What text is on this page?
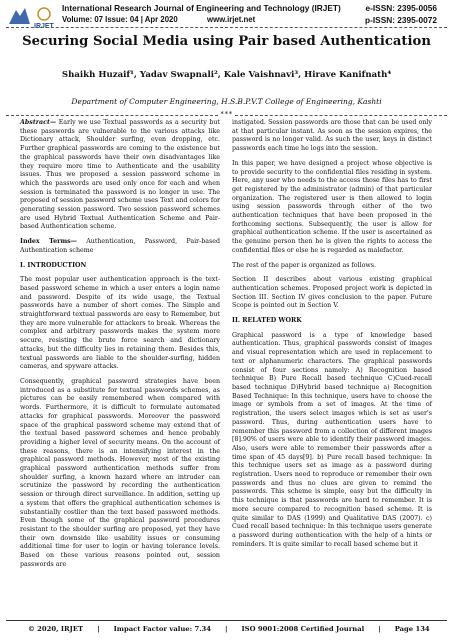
IRJET
International Research Journal of Engineering and Technology (IRJET)	e-ISSN: 2395-0056
Volume: 07 Issue: 04 | Apr 2020	www.irjet.net	p-ISSN: 2395-0072
Securing Social Media using Pair based Authentication
Shaikh Huzaif¹, Yadav Swapnali², Kale Vaishnavi³, Hirave Kanifnath⁴
Department of Computer Engineering, H.S.B.P.V.T College of Engineering, Kashti
***

Abstract— Early we use Textual passwords as a security but these passwords are vulnerable to the various attacks like Dictionary attack, Shoulder surfing, even dropping, etc. Further graphical passwords are coming to the existence but the graphical passwords have their own disadvantages like they require more time to Authenticate and the usability issues. Thus we proposed a session password scheme in which the passwords are used only once for each and when session is terminated the password is no longer in use. The proposed of session password scheme uses Text and colors for generating session password. Two session password schemes are used Hybrid Textual Authentication Scheme and Pair-based Authentication scheme.

Index Terms— Authentication, Password, Pair-based Authentication scheme

I. INTRODUCTION

The most popular user authentication approach is the text-based password scheme in which a user enters a login name and password. Despite of its wide usage, the Textual passwords have a number of short comes. The Simple and straightforward textual passwords are easy to Remember, but they are more vulnerable for attackers to break. Whereas the complex and arbitrary passwords makes the system more secure, resisting the brute force search and dictionary attacks, but the difficulty lies in retaining them. Besides this, textual passwords are liable to the shoulder-surfing, hidden cameras, and spyware attacks.

Consequently, graphical password strategies have been introduced as a substitute for textual passwords schemes, as pictures can be easily remembered when compared with words. Furthermore, it is difficult to formulate automated attacks for graphical passwords. Moreover the password space of the graphical password scheme may extend that of the textual based password schemes and hence probably providing a higher level of security means. On the account of these reasons, there is an intensifying interest in the graphical password methods. However, most of the existing graphical password authentication methods suffer from shoulder surfing, a known hazard where an intruder can scrutinize the password by recording the authentication session or through direct surveillance. In addition, setting up a system that offers the graphical authentication schemes is substantially costlier than the text based password methods. Even though some of the graphical password procedures resistant to the shoulder surfing are proposed, yet they have their own downside like usability issues or consuming additional time for user to login or having tolerance levels. Based on these various reasons pointed out, session passwords are

instigated. Session passwords are those that can be used only at that particular instant. As soon as the session expires, the password is no longer valid. As such the user, keys in distinct passwords each time he logs into the session.

In this paper, we have designed a project whose objective is to provide security to the confidential files residing in system. Here, any user who needs to the access those files has to first get registered by the administrator (admin) of that particular organization. The registered user is then allowed to login using session passwords through either of the two authentication techniques that have been proposed in the forthcoming sections. Subsequently, the user is allow for graphical authentication scheme. If the user is ascertained as the genuine person then he is given the rights to access the confidential files or else he is regarded as malefactor.

The rest of the paper is organized as follows.

Section II describes about various existing graphical authentication schemes. Proposed project work is depicted in Section III. Section IV gives conclusion to the paper. Future Scope is pointed out in Section V.

II. RELATED WORK

Graphical password is a type of knowledge based authentication. Thus, graphical passwords consist of images and visual representation which are used in replacement to text or alphanumeric characters. The graphical passwords consist of four sections namely: A) Recognition based technique B) Pure Recall based technique C)Cued-recall based technique D)Hybrid based technique a) Recognition Based Technique: In this technique, users have to choose the image or symbols from a set of images. At the time of registration, the users select images which is set as user's password. Thus, during authentication users have to remember this password from a collection of different images [8].90% of users were able to identify their password images. Also, users were able to remember their passwords after a time span of 45 days[9]. b) Pure recall based technique: In this technique users set as image as a password during registration. Users need to reproduce or remember their own passwords and thus no clues are given to remind the passwords. This scheme is simple, easy but the difficulty in this technique is that passwords are hard to remember. It is more secure compared to recognition based scheme. It is quite similar to DAS (1999) and Qualitative DAS (2007). c) Cued recall based technique: In this technique users generate a password during authentication with the help of a hints or reminders. It is quite similar to recall based scheme but it

© 2020, IRJET | Impact Factor value: 7.34 | ISO 9001:2008 Certified Journal | Page 134
